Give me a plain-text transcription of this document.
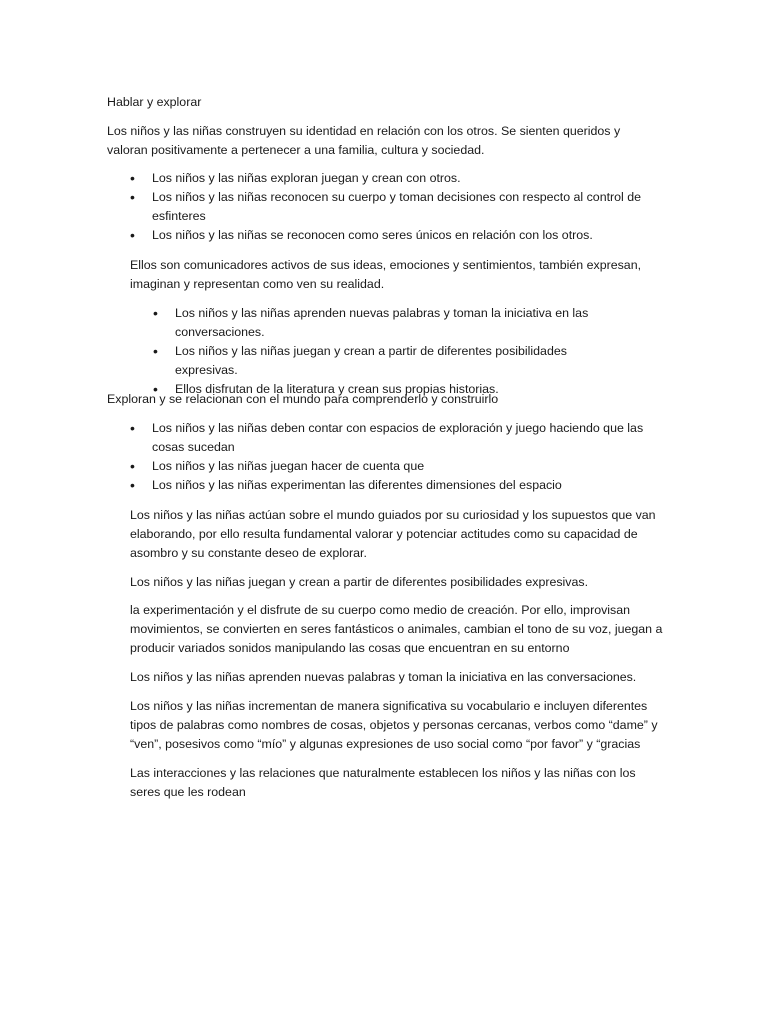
Hablar y explorar

Los niños y las niñas construyen su identidad en relación con los otros. Se sienten queridos y valoran positivamente a pertenecer a una familia, cultura y sociedad.

• Los niños y las niñas exploran juegan y crean con otros.
• Los niños y las niñas reconocen su cuerpo y toman decisiones con respecto al control de esfinteres
• Los niños y las niñas se reconocen como seres únicos en relación con los otros.

Ellos son comunicadores activos de sus ideas, emociones y sentimientos, también expresan, imaginan y representan como ven su realidad.

• Los niños y las niñas aprenden nuevas palabras y toman la iniciativa en las conversaciones.
• Los niños y las niñas juegan y crean a partir de diferentes posibilidades expresivas.
• Ellos disfrutan de la literatura y crean sus propias historias.

Exploran y se relacionan con el mundo para comprenderlo y construirlo

• Los niños y las niñas deben contar con espacios de exploración y juego haciendo que las cosas sucedan
• Los niños y las niñas juegan hacer de cuenta que
• Los niños y las niñas experimentan las diferentes dimensiones del espacio

Los niños y las niñas actúan sobre el mundo guiados por su curiosidad y los supuestos que van elaborando, por ello resulta fundamental valorar y potenciar actitudes como su capacidad de asombro y su constante deseo de explorar.

Los niños y las niñas juegan y crean a partir de diferentes posibilidades expresivas.

la experimentación y el disfrute de su cuerpo como medio de creación. Por ello, improvisan movimientos, se convierten en seres fantásticos o animales, cambian el tono de su voz, juegan a producir variados sonidos manipulando las cosas que encuentran en su entorno

Los niños y las niñas aprenden nuevas palabras y toman la iniciativa en las conversaciones.

Los niños y las niñas incrementan de manera significativa su vocabulario e incluyen diferentes tipos de palabras como nombres de cosas, objetos y personas cercanas, verbos como “dame” y “ven”, posesivos como “mío” y algunas expresiones de uso social como “por favor” y “gracias

Las interacciones y las relaciones que naturalmente establecen los niños y las niñas con los seres que les rodean
